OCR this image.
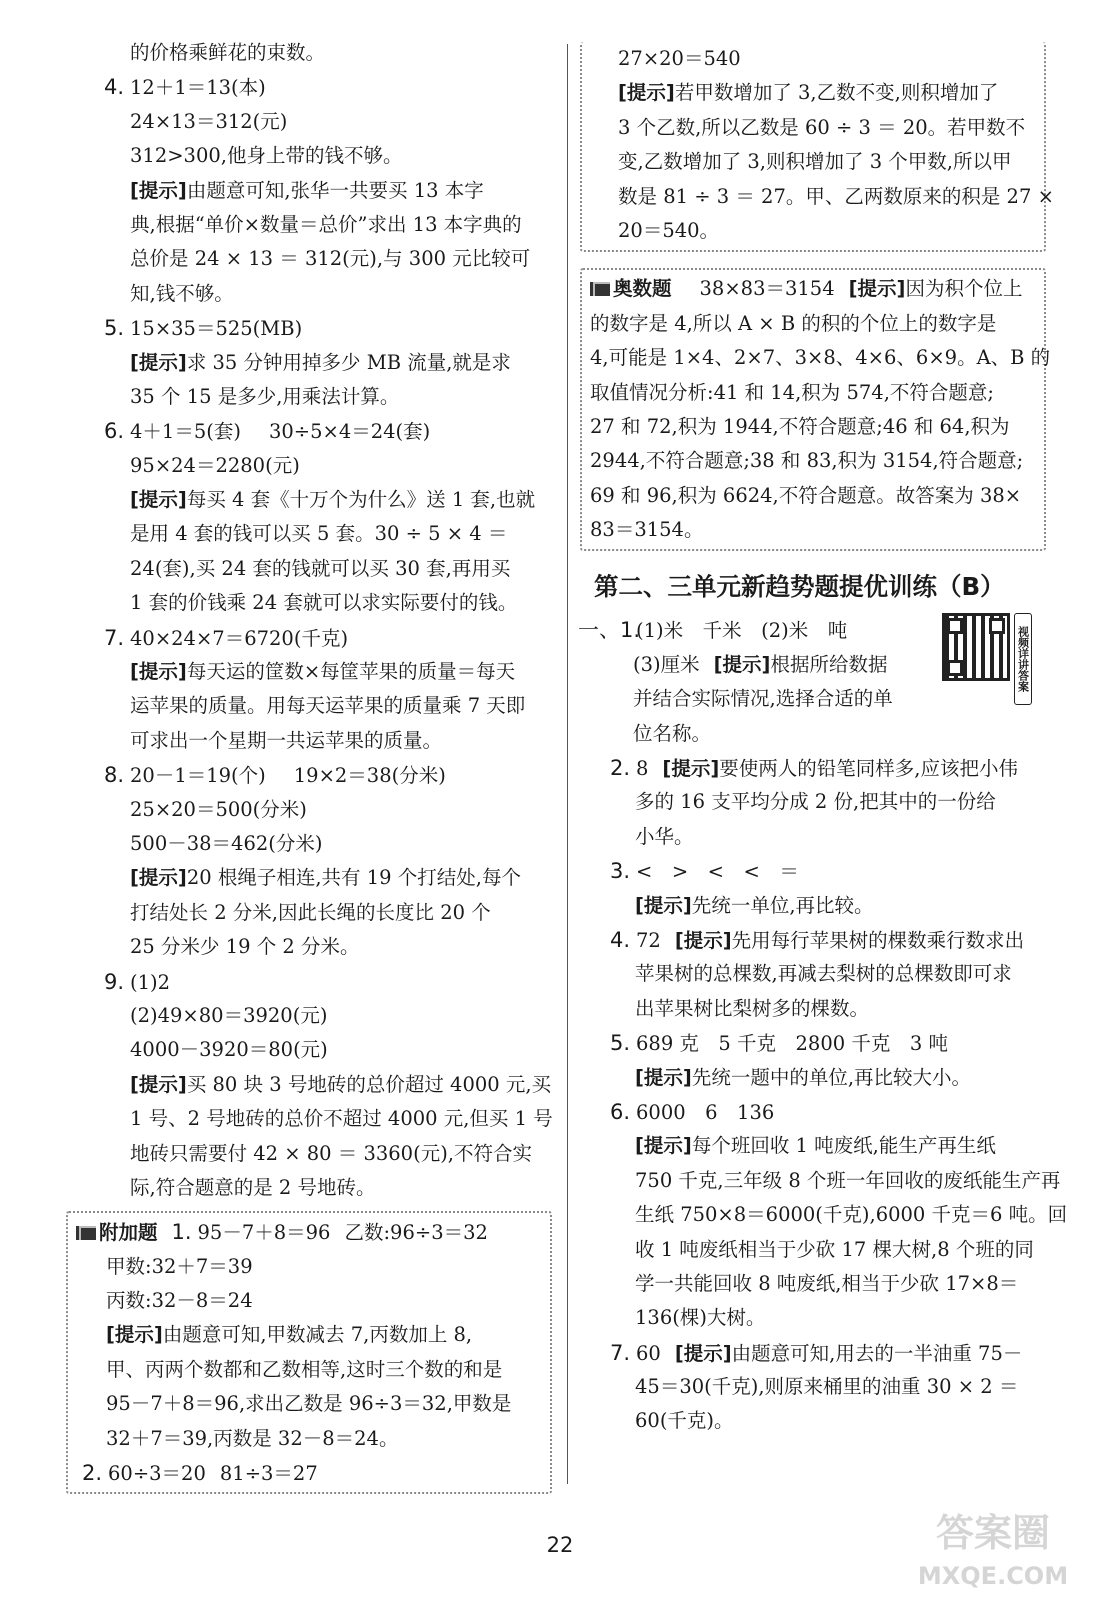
的价格乘鲜花的束数。
4. 12＋1＝13(本)
24×13＝312(元)
312>300,他身上带的钱不够。
[提示]由题意可知,张华一共要买 13 本字
典,根据“单价×数量＝总价”求出 13 本字典的
总价是 24 × 13 ＝ 312(元),与 300 元比较可
知,钱不够。
5. 15×35＝525(MB)
[提示]求 35 分钟用掉多少 MB 流量,就是求
35 个 15 是多少,用乘法计算。
6. 4＋1＝5(套) 30÷5×4＝24(套)
95×24＝2280(元)
[提示]每买 4 套《十万个为什么》送 1 套,也就
是用 4 套的钱可以买 5 套。30 ÷ 5 × 4 ＝
24(套),买 24 套的钱就可以买 30 套,再用买
1 套的价钱乘 24 套就可以求实际要付的钱。
7. 40×24×7＝6720(千克)
[提示]每天运的筐数×每筐苹果的质量＝每天
运苹果的质量。用每天运苹果的质量乘 7 天即
可求出一个星期一共运苹果的质量。
8. 20－1＝19(个) 19×2＝38(分米)
25×20＝500(分米)
500－38＝462(分米)
[提示]20 根绳子相连,共有 19 个打结处,每个
打结处长 2 分米,因此长绳的长度比 20 个
25 分米少 19 个 2 分米。
9. (1)2
(2)49×80＝3920(元)
4000－3920＝80(元)
[提示]买 80 块 3 号地砖的总价超过 4000 元,买
1 号、2 号地砖的总价不超过 4000 元,但买 1 号
地砖只需要付 42 × 80 ＝ 3360(元),不符合实
际,符合题意的是 2 号地砖。
附加题 1. 95－7＋8＝96 乙数:96÷3＝32
甲数:32＋7＝39
丙数:32－8＝24
[提示]由题意可知,甲数减去 7,丙数加上 8,
甲、丙两个数都和乙数相等,这时三个数的和是
95－7＋8＝96,求出乙数是 96÷3＝32,甲数是
32＋7＝39,丙数是 32－8＝24。
2. 60÷3＝20 81÷3＝27
27×20＝540
[提示]若甲数增加了 3,乙数不变,则积增加了
3 个乙数,所以乙数是 60 ÷ 3 ＝ 20。若甲数不
变,乙数增加了 3,则积增加了 3 个甲数,所以甲
数是 81 ÷ 3 ＝ 27。甲、乙两数原来的积是 27 ×
20＝540。
奥数题 38×83＝3154 [提示]因为积个位上
的数字是 4,所以 A × B 的积的个位上的数字是
4,可能是 1×4、2×7、3×8、4×6、6×9。A、B 的
取值情况分析:41 和 14,积为 574,不符合题意;
27 和 72,积为 1944,不符合题意;46 和 64,积为
2944,不符合题意;38 和 83,积为 3154,符合题意;
69 和 96,积为 6624,不符合题意。故答案为 38×
83＝3154。
第二、三单元新趋势题提优训练（B）
视频详讲答案
一、1.(1)米　千米　(2)米　吨
(3)厘米 [提示]根据所给数据
并结合实际情况,选择合适的单
位名称。
2. 8 [提示]要使两人的铅笔同样多,应该把小伟
多的 16 支平均分成 2 份,把其中的一份给
小华。
3. <　>　<　<　＝
[提示]先统一单位,再比较。
4. 72 [提示]先用每行苹果树的棵数乘行数求出
苹果树的总棵数,再减去梨树的总棵数即可求
出苹果树比梨树多的棵数。
5. 689 克　5 千克　2800 千克　3 吨
[提示]先统一题中的单位,再比较大小。
6. 6000　6　136
[提示]每个班回收 1 吨废纸,能生产再生纸
750 千克,三年级 8 个班一年回收的废纸能生产再
生纸 750×8＝6000(千克),6000 千克＝6 吨。回
收 1 吨废纸相当于少砍 17 棵大树,8 个班的同
学一共能回收 8 吨废纸,相当于少砍 17×8＝
136(棵)大树。
7. 60 [提示]由题意可知,用去的一半油重 75－
45＝30(千克),则原来桶里的油重 30 × 2 ＝
60(千克)。
22	答案圈
MXQE.COM
